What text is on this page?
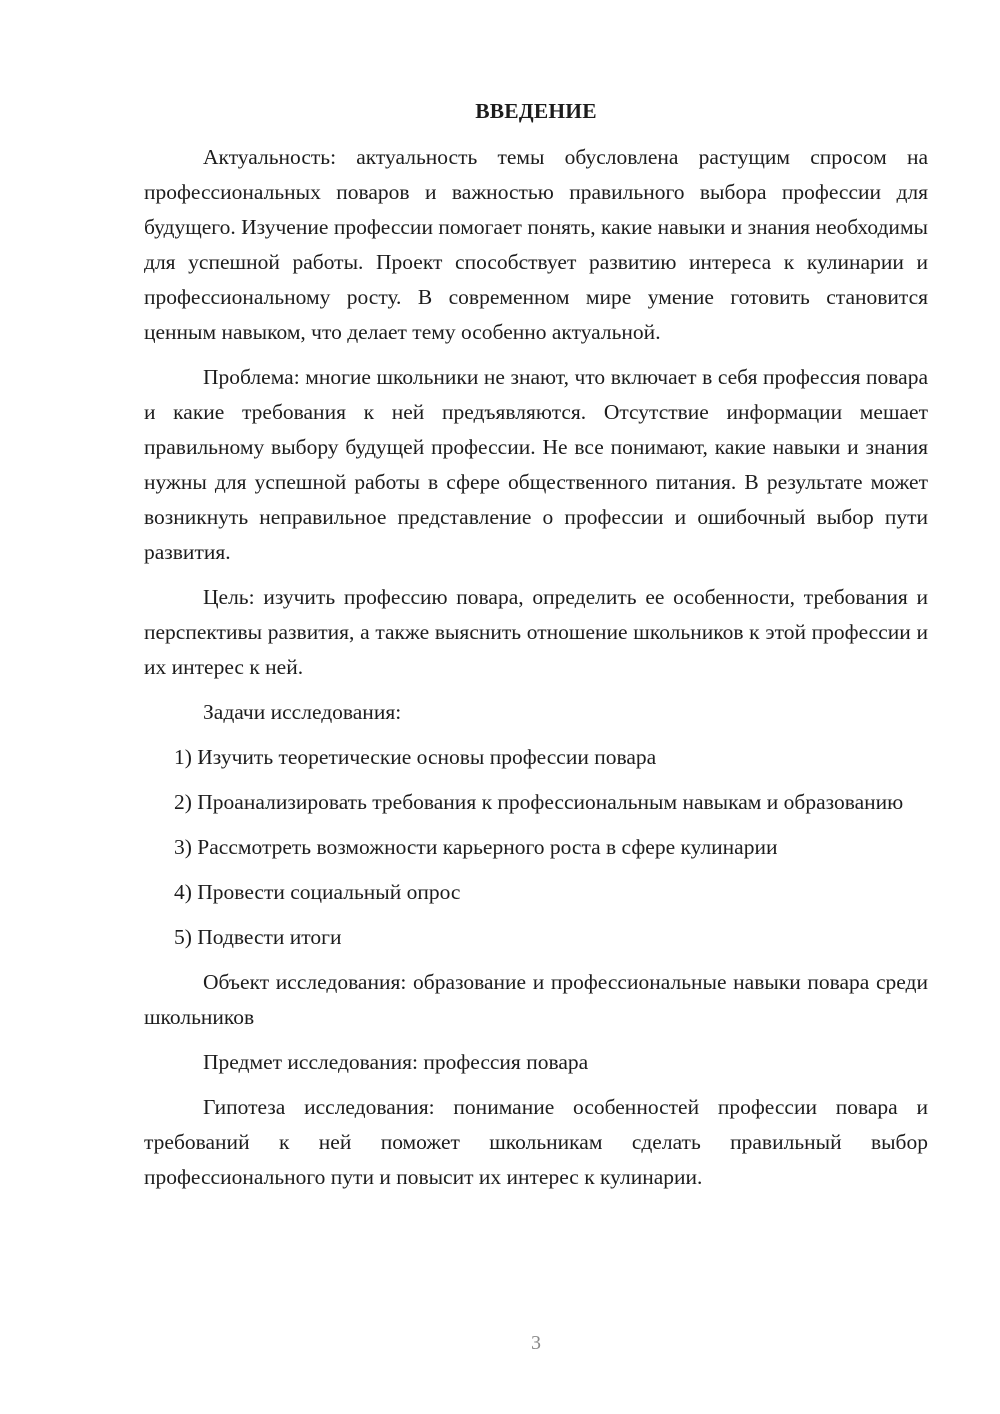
ВВЕДЕНИЕ

Актуальность: актуальность темы обусловлена растущим спросом на профессиональных поваров и важностью правильного выбора профессии для будущего. Изучение профессии помогает понять, какие навыки и знания необходимы для успешной работы. Проект способствует развитию интереса к кулинарии и профессиональному росту. В современном мире умение готовить становится ценным навыком, что делает тему особенно актуальной.

Проблема: многие школьники не знают, что включает в себя профессия повара и какие требования к ней предъявляются. Отсутствие информации мешает правильному выбору будущей профессии. Не все понимают, какие навыки и знания нужны для успешной работы в сфере общественного питания. В результате может возникнуть неправильное представление о профессии и ошибочный выбор пути развития.

Цель: изучить профессию повара, определить ее особенности, требования и перспективы развития, а также выяснить отношение школьников к этой профессии и их интерес к ней.

Задачи исследования:

1) Изучить теоретические основы профессии повара

2) Проанализировать требования к профессиональным навыкам и образованию

3) Рассмотреть возможности карьерного роста в сфере кулинарии

4) Провести социальный опрос

5) Подвести итоги

Объект исследования: образование и профессиональные навыки повара среди школьников

Предмет исследования: профессия повара

Гипотеза исследования: понимание особенностей профессии повара и требований к ней поможет школьникам сделать правильный выбор профессионального пути и повысит их интерес к кулинарии.

3
